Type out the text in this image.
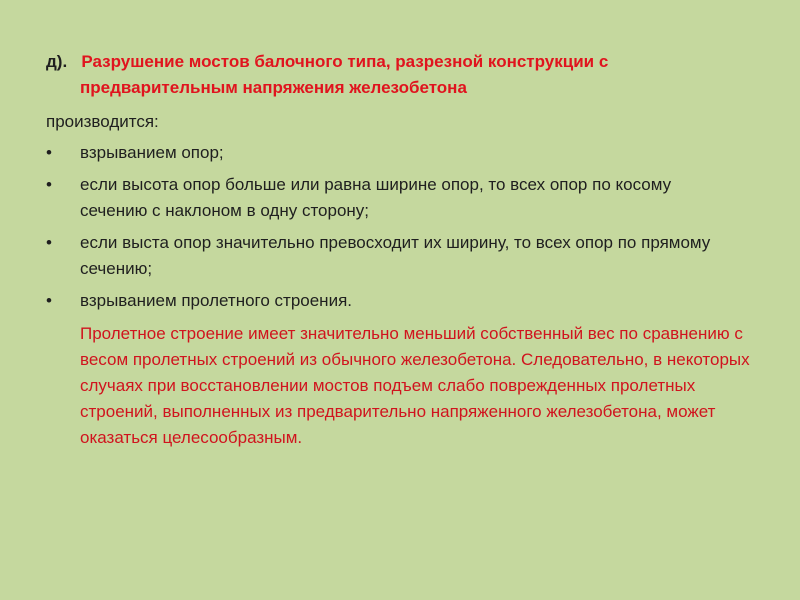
д). Разрушение мостов балочного типа, разрезной конструкции с предварительным напряжения железобетона
производится:
•	взрыванием опор;
•	если высота опор больше или равна ширине опор, то всех опор по косому сечению с наклоном в одну сторону;
•	если выста опор значительно превосходит их ширину, то всех опор по прямому сечению;
•	взрыванием пролетного строения.
Пролетное строение имеет значительно меньший собственный вес по сравнению с весом пролетных строений из обычного железобетона. Следовательно, в некоторых случаях при восстановлении мостов подъем слабо поврежденных пролетных строений, выполненных из предварительно напряженного железобетона, может оказаться целесообразным.
